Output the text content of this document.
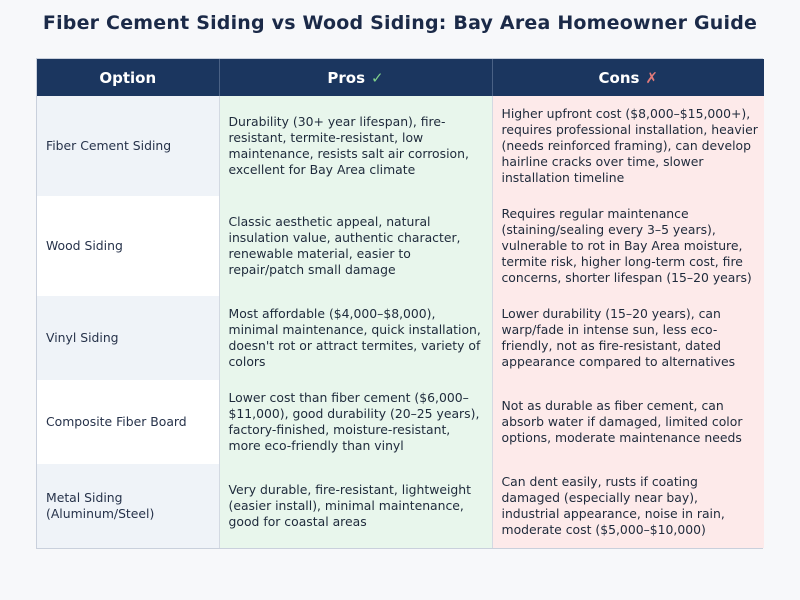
Fiber Cement Siding vs Wood Siding: Bay Area Homeowner Guide
Option	Pros ✓	Cons ✗
Fiber Cement Siding	Durability (30+ year lifespan), fire-resistant, termite-resistant, low maintenance, resists salt air corrosion, excellent for Bay Area climate	Higher upfront cost ($8,000–$15,000+), requires professional installation, heavier (needs reinforced framing), can develop hairline cracks over time, slower installation timeline
Wood Siding	Classic aesthetic appeal, natural insulation value, authentic character, renewable material, easier to repair/patch small damage	Requires regular maintenance (staining/sealing every 3–5 years), vulnerable to rot in Bay Area moisture, termite risk, higher long-term cost, fire concerns, shorter lifespan (15–20 years)
Vinyl Siding	Most affordable ($4,000–$8,000), minimal maintenance, quick installation, doesn't rot or attract termites, variety of colors	Lower durability (15–20 years), can warp/fade in intense sun, less eco-friendly, not as fire-resistant, dated appearance compared to alternatives
Composite Fiber Board	Lower cost than fiber cement ($6,000–$11,000), good durability (20–25 years), factory-finished, moisture-resistant, more eco-friendly than vinyl	Not as durable as fiber cement, can absorb water if damaged, limited color options, moderate maintenance needs
Metal Siding (Aluminum/Steel)	Very durable, fire-resistant, lightweight (easier install), minimal maintenance, good for coastal areas	Can dent easily, rusts if coating damaged (especially near bay), industrial appearance, noise in rain, moderate cost ($5,000–$10,000)
